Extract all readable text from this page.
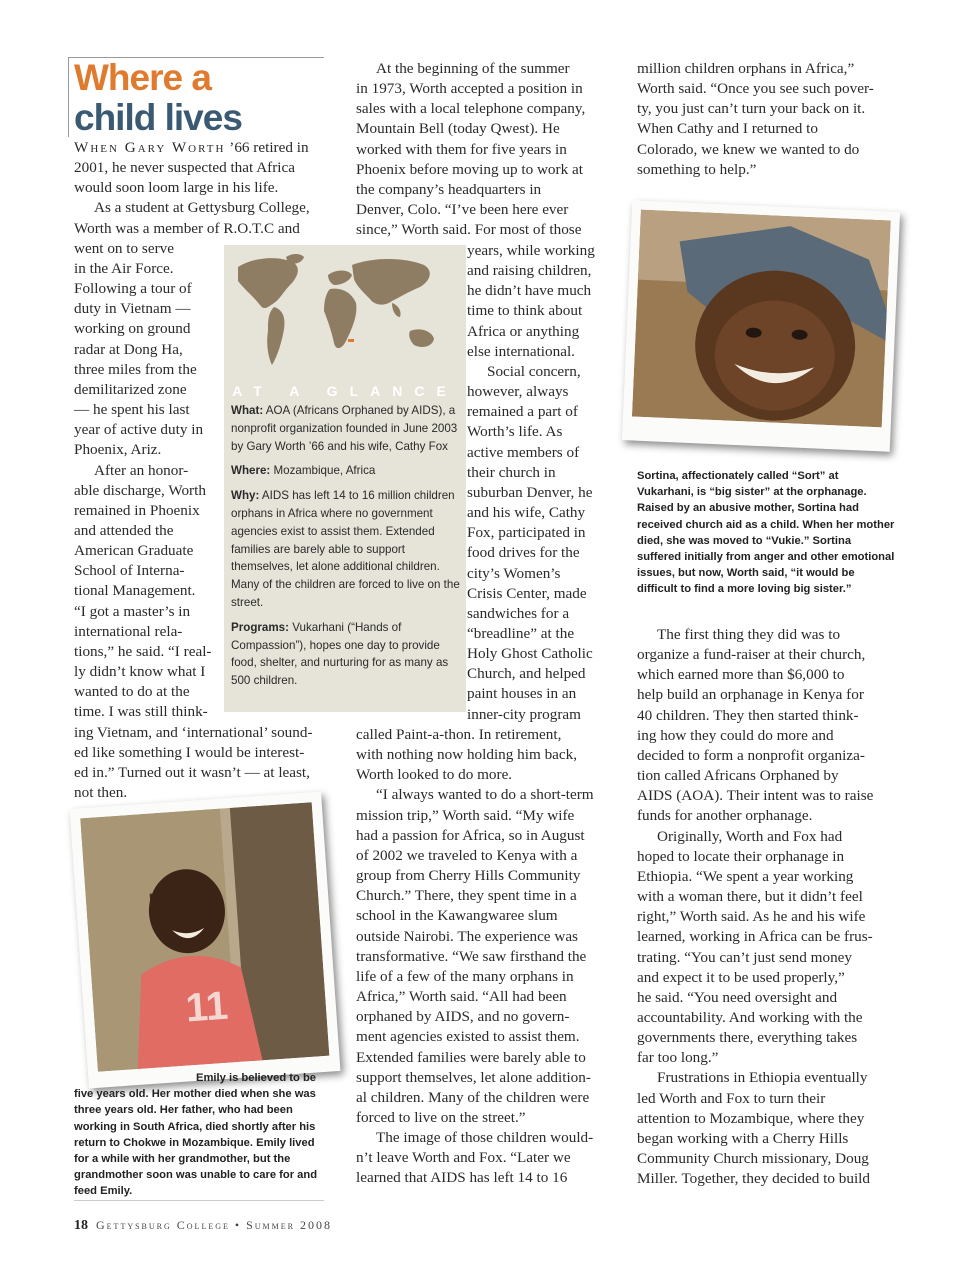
Where a
child lives

When Gary Worth ’66 retired in

2001, he never suspected that Africa

would soon loom large in his life.

As a student at Gettysburg College,

Worth was a member of R.O.T.C and

went on to serve

in the Air Force.

Following a tour of

duty in Vietnam —

working on ground

radar at Dong Ha,

three miles from the

demilitarized zone

— he spent his last

year of active duty in

Phoenix, Ariz.

After an honor-

able discharge, Worth

remained in Phoenix

and attended the

American Graduate

School of Interna-

tional Management.

“I got a master’s in

international rela-

tions,” he said. “I real-

ly didn’t know what I

wanted to do at the

time. I was still think-

ing Vietnam, and ‘international’ sound-

ed like something I would be interest-

ed in.” Turned out it wasn’t — at least,

not then.

AT A GLANCE

What: AOA (Africans Orphaned by AIDS), a nonprofit organization founded in June 2003 by Gary Worth ’66 and his wife, Cathy Fox

Where: Mozambique, Africa

Why: AIDS has left 14 to 16 million children orphans in Africa where no government agencies exist to assist them. Extended families are barely able to support themselves, let alone additional children. Many of the children are forced to live on the street.

Programs: Vukarhani (“Hands of Compassion”), hopes one day to provide food, shelter, and nurturing for as many as 500 children.

At the beginning of the summer

in 1973, Worth accepted a position in

sales with a local telephone company,

Mountain Bell (today Qwest). He

worked with them for five years in

Phoenix before moving up to work at

the company’s headquarters in

Denver, Colo. “I’ve been here ever

since,” Worth said. For most of those

years, while working

and raising children,

he didn’t have much

time to think about

Africa or anything

else international.

Social concern,

however, always

remained a part of

Worth’s life. As

active members of

their church in

suburban Denver, he

and his wife, Cathy

Fox, participated in

food drives for the

city’s Women’s

Crisis Center, made

sandwiches for a

“breadline” at the

Holy Ghost Catholic

Church, and helped

paint houses in an

inner-city program

called Paint-a-thon. In retirement,

with nothing now holding him back,

Worth looked to do more.

“I always wanted to do a short-term

mission trip,” Worth said. “My wife

had a passion for Africa, so in August

of 2002 we traveled to Kenya with a

group from Cherry Hills Community

Church.” There, they spent time in a

school in the Kawangwaree slum

outside Nairobi. The experience was

transformative. “We saw firsthand the

life of a few of the many orphans in

Africa,” Worth said. “All had been

orphaned by AIDS, and no govern-

ment agencies existed to assist them.

Extended families were barely able to

support themselves, let alone addition-

al children. Many of the children were

forced to live on the street.”

The image of those children would-

n’t leave Worth and Fox. “Later we

learned that AIDS has left 14 to 16

million children orphans in Africa,”

Worth said. “Once you see such pover-

ty, you just can’t turn your back on it.

When Cathy and I returned to

Colorado, we knew we wanted to do

something to help.”

Sortina, affectionately called “Sort” at Vukarhani, is “big sister” at the orphanage. Raised by an abusive mother, Sortina had received church aid as a child. When her mother died, she was moved to “Vukie.” Sortina suffered initially from anger and other emotional issues, but now, Worth said, “it would be difficult to find a more loving big sister.”

The first thing they did was to

organize a fund-raiser at their church,

which earned more than $6,000 to

help build an orphanage in Kenya for

40 children. They then started think-

ing how they could do more and

decided to form a nonprofit organiza-

tion called Africans Orphaned by

AIDS (AOA). Their intent was to raise

funds for another orphanage.

Originally, Worth and Fox had

hoped to locate their orphanage in

Ethiopia. “We spent a year working

with a woman there, but it didn’t feel

right,” Worth said. As he and his wife

learned, working in Africa can be frus-

trating. “You can’t just send money

and expect it to be used properly,”

he said. “You need oversight and

accountability. And working with the

governments there, everything takes

far too long.”

Frustrations in Ethiopia eventually

led Worth and Fox to turn their

attention to Mozambique, where they

began working with a Cherry Hills

Community Church missionary, Doug

Miller. Together, they decided to build

11
Emily is believed to be
five years old. Her mother died when she was three years old. Her father, who had been working in South Africa, died shortly after his return to Chokwe in Mozambique. Emily lived for a while with her grandmother, but the grandmother soon was unable to care for and feed Emily.
18 Gettysburg College • Summer 2008
